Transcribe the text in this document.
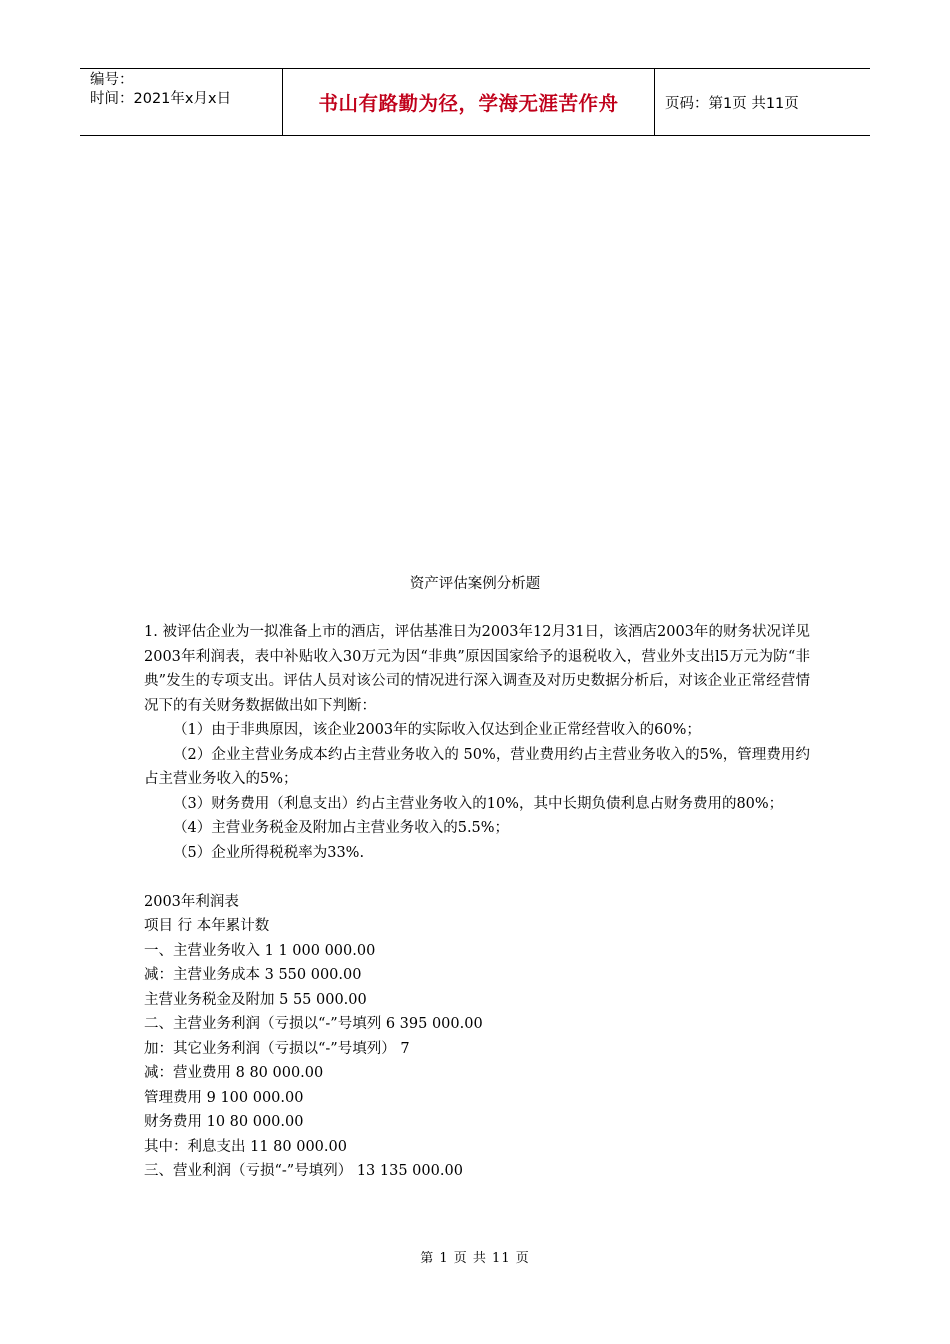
编号：
时间：2021年x月x日	书山有路勤为径，学海无涯苦作舟	页码：第1页 共11页
资产评估案例分析题

1. 被评估企业为一拟准备上市的酒店，评估基准日为2003年12月31日，该酒店2003年的财务状况详见2003年利润表，表中补贴收入30万元为因“非典”原因国家给予的退税收入，营业外支出l5万元为防“非典”发生的专项支出。评估人员对该公司的情况进行深入调查及对历史数据分析后，对该企业正常经营情况下的有关财务数据做出如下判断：

（1）由于非典原因，该企业2003年的实际收入仅达到企业正常经营收入的60%；

（2）企业主营业务成本约占主营业务收入的 50%，营业费用约占主营业务收入的5%，管理费用约占主营业务收入的5%；

（3）财务费用（利息支出）约占主营业务收入的10%，其中长期负债利息占财务费用的80%；

（4）主营业务税金及附加占主营业务收入的5.5%；

（5）企业所得税税率为33%.

2003年利润表

项目 行 本年累计数

一、主营业务收入 1 1 000 000.00

减：主营业务成本 3 550 000.00

主营业务税金及附加 5 55 000.00

二、主营业务利润（亏损以“-”号填列 6 395 000.00

加：其它业务利润（亏损以“-”号填列） 7

减：营业费用 8 80 000.00

管理费用 9 100 000.00

财务费用 10 80 000.00

其中：利息支出 11 80 000.00

三、营业利润（亏损“-”号填列） 13 135 000.00

第 1 页 共 11 页
